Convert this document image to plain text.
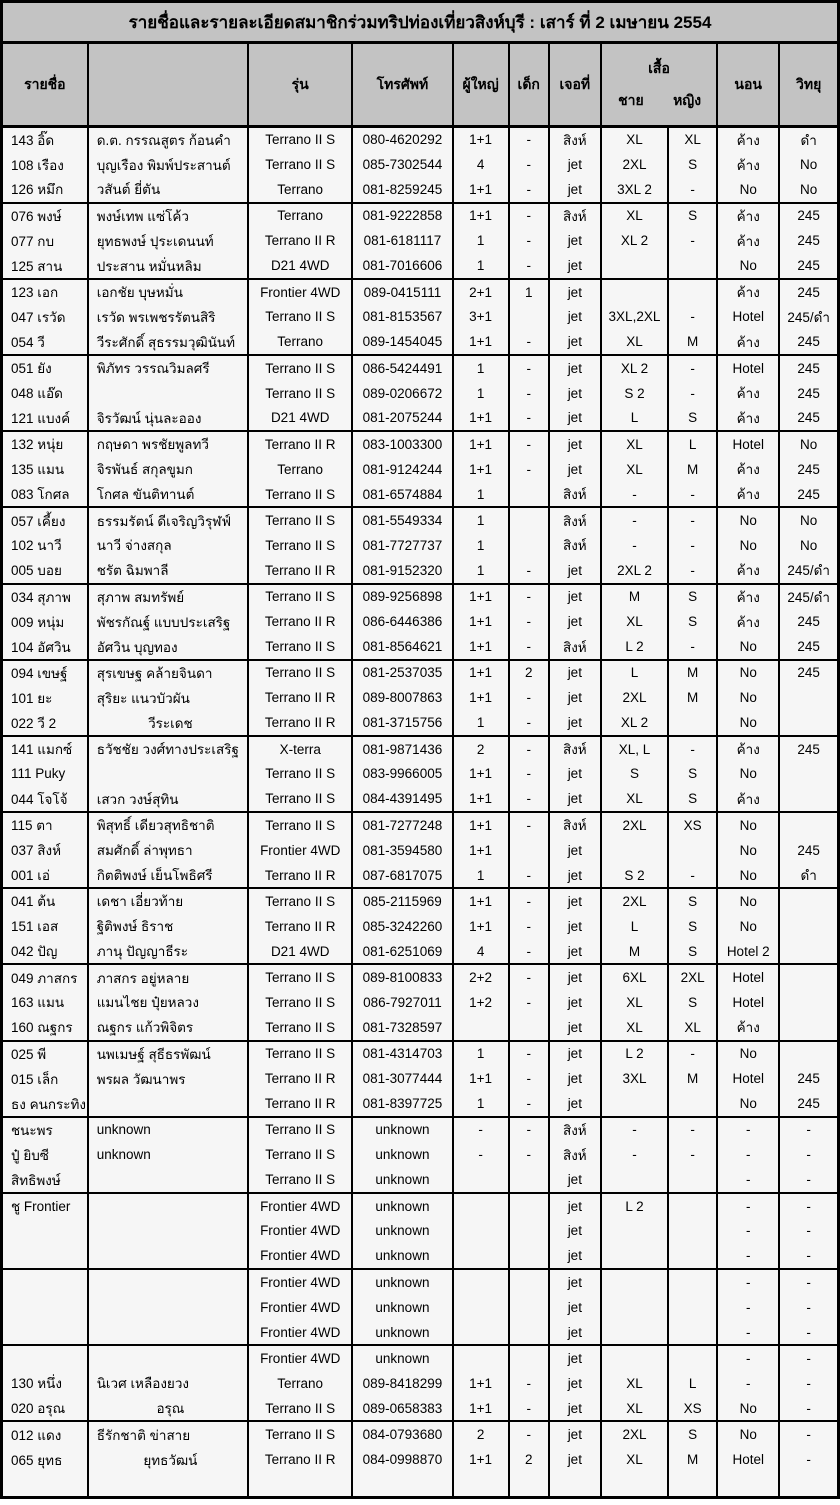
รายชื่อและรายละเอียดสมาชิกร่วมทริปท่องเที่ยวสิงห์บุรี : เสาร์ ที่ 2 เมษายน 2554										
รายชื่อ		รุ่น	โทรศัพท์	ผู้ใหญ่	เด็ก	เจอที่	เสื้อ
ชาย หญิง		นอน	วิทยุ
143 อิ๊ด	ด.ต. กรรณสูตร ก้อนคำ	Terrano II S	080-4620292	1+1	-	สิงห์	XL	XL	ค้าง	ดำ
108 เรือง	บุญเรือง พิมพ์ประสานต์	Terrano II S	085-7302544	4	-	jet	2XL	S	ค้าง	No
126 หมึก	วสันต์ ยี่ตัน	Terrano	081-8259245	1+1	-	jet	3XL 2	-	No	No
076 พงษ์	พงษ์เทพ แซ่โค้ว	Terrano	081-9222858	1+1	-	สิงห์	XL	S	ค้าง	245
077 กบ	ยุทธพงษ์ ปุระเดนนท์	Terrano II R	081-6181117	1	-	jet	XL 2	-	ค้าง	245
125 สาน	ประสาน หมั่นหลิม	D21 4WD	081-7016606	1	-	jet			No	245
123 เอก	เอกชัย บุษหมั่น	Frontier 4WD	089-0415111	2+1	1	jet			ค้าง	245
047 เรวัด	เรวัด พรเพชรรัตนสิริ	Terrano II S	081-8153567	3+1		jet	3XL,2XL	-	Hotel	245/ดำ
054 วี	วีระศักดิ์ สุธรรมวุฒินันท์	Terrano	089-1454045	1+1	-	jet	XL	M	ค้าง	245
051 ยัง	พิภัทร วรรณวิมลศรี	Terrano II S	086-5424491	1	-	jet	XL 2	-	Hotel	245
048 แอ๊ด		Terrano II S	089-0206672	1	-	jet	S 2	-	ค้าง	245
121 แบงค์	จิรวัฒน์ นุ่นละออง	D21 4WD	081-2075244	1+1	-	jet	L	S	ค้าง	245
132 หนุ่ย	กฤษดา พรชัยพูลทวี	Terrano II R	083-1003300	1+1	-	jet	XL	L	Hotel	No
135 แมน	จิรพันธ์ สกุลขูมก	Terrano	081-9124244	1+1	-	jet	XL	M	ค้าง	245
083 โกศล	โกศล ขันติทานต์	Terrano II S	081-6574884	1		สิงห์	-	-	ค้าง	245
057 เคี้ยง	ธรรมรัตน์ ดีเจริญวิรุฬฟ์	Terrano II S	081-5549334	1		สิงห์	-	-	No	No
102 นาวี	นาวี จ่างสกุล	Terrano II S	081-7727737	1		สิงห์	-	-	No	No
005 บอย	ชรัต ฉิมพาลี	Terrano II R	081-9152320	1	-	jet	2XL 2	-	ค้าง	245/ดำ
034 สุภาพ	สุภาพ สมทรัพย์	Terrano II S	089-9256898	1+1	-	jet	M	S	ค้าง	245/ดำ
009 หนุ่ม	พัชรกัณฐ์ แบบประเสริฐ	Terrano II R	086-6446386	1+1	-	jet	XL	S	ค้าง	245
104 อัศวิน	อัศวิน บุญทอง	Terrano II S	081-8564621	1+1	-	สิงห์	L 2	-	No	245
094 เขษฐ์	สุรเขษฐ คล้ายจินดา	Terrano II S	081-2537035	1+1	2	jet	L	M	No	245
101 ยะ	สุริยะ แนวบัวผัน	Terrano II R	089-8007863	1+1	-	jet	2XL	M	No	
022 วี 2	วีระเดช	Terrano II R	081-3715756	1	-	jet	XL 2		No	
141 แมกซ์	ธวัชชัย วงศ์ทางประเสริฐ	X-terra	081-9871436	2	-	สิงห์	XL, L	-	ค้าง	245
111 Puky		Terrano II S	083-9966005	1+1	-	jet	S	S	No	
044 โจโจ้	เสวก วงษ์สุทิน	Terrano II S	084-4391495	1+1	-	jet	XL	S	ค้าง	
115 ตา	พิสุทธิ์ เดียวสุทธิชาติ	Terrano II S	081-7277248	1+1	-	สิงห์	2XL	XS	No	
037 สิงห์	สมศักดิ์ ล่าพุทธา	Frontier 4WD	081-3594580	1+1		jet			No	245
001 เอ่	กิตติพงษ์ เย็นโพธิศรี	Terrano II R	087-6817075	1	-	jet	S 2	-	No	ดำ
041 ต้น	เดชา เอี่ยวท้าย	Terrano II S	085-2115969	1+1	-	jet	2XL	S	No	
151 เอส	ฐิติพงษ์ ธิราช	Terrano II R	085-3242260	1+1	-	jet	L	S	No	
042 ปัญ	ภานุ ปัญญาธีระ	D21 4WD	081-6251069	4	-	jet	M	S	Hotel 2	
049 ภาสกร	ภาสกร อยู่หลาย	Terrano II S	089-8100833	2+2	-	jet	6XL	2XL	Hotel	
163 แมน	แมนไชย ปุ๋ยหลวง	Terrano II S	086-7927011	1+2	-	jet	XL	S	Hotel	
160 ณฐกร	ณฐกร แก้วพิจิตร	Terrano II S	081-7328597			jet	XL	XL	ค้าง	
025 พี	นพเมษฐ์ สุธีธรพัฒน์	Terrano II S	081-4314703	1	-	jet	L 2	-	No	
015 เล็ก	พรผล วัฒนาพร	Terrano II R	081-3077444	1+1	-	jet	3XL	M	Hotel	245
ธง คนกระทิง		Terrano II R	081-8397725	1	-	jet			No	245
ชนะพร	unknown	Terrano II S	unknown	-	-	สิงห์	-	-	-	-
ปู๋ ยิบซี	unknown	Terrano II S	unknown	-	-	สิงห์	-	-	-	-
สิทธิพงษ์		Terrano II S	unknown			jet			-	-
ชู Frontier		Frontier 4WD	unknown			jet	L 2		-	-
		Frontier 4WD	unknown			jet			-	-
		Frontier 4WD	unknown			jet			-	-
		Frontier 4WD	unknown			jet			-	-
		Frontier 4WD	unknown			jet			-	-
		Frontier 4WD	unknown			jet			-	-
		Frontier 4WD	unknown			jet			-	-
130 หนึ่ง	นิเวศ เหลืองยวง	Terrano	089-8418299	1+1	-	jet	XL	L	-	-
020 อรุณ	อรุณ	Terrano II S	089-0658383	1+1	-	jet	XL	XS	No	-
012 แดง	ธีรักชาติ ข่าสาย	Terrano II S	084-0793680	2	-	jet	2XL	S	No	-
065 ยุทธ	ยุทธวัฒน์	Terrano II R	084-0998870	1+1	2	jet	XL	M	Hotel	-
